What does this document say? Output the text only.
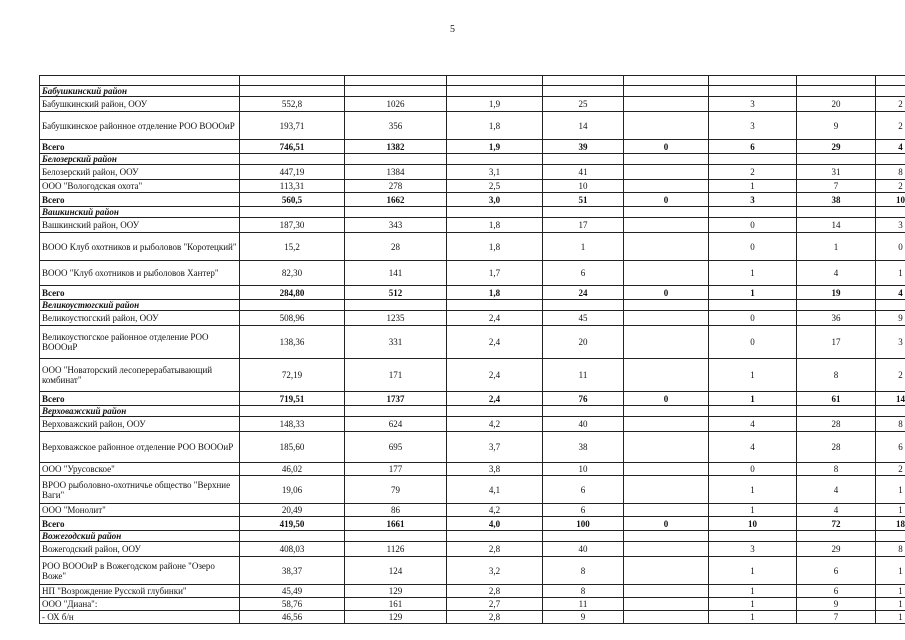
5

Бабушкинский район								
Бабушкинский район, ООУ	552,8	1026	1,9	25		3	20	2
Бабушкинское районное отделение РОО ВОООиР	193,71	356	1,8	14		3	9	2
Всего	746,51	1382	1,9	39	0	6	29	4
Белозерский район								
Белозерский район, ООУ	447,19	1384	3,1	41		2	31	8
ООО "Вологодская охота"	113,31	278	2,5	10		1	7	2
Всего	560,5	1662	3,0	51	0	3	38	10
Вашкинский район								
Вашкинский район, ООУ	187,30	343	1,8	17		0	14	3
ВОOO Клуб охотников и рыболовов "Коротецкий"	15,2	28	1,8	1		0	1	0
ВОOO "Клуб охотников и рыболовов Хантер"	82,30	141	1,7	6		1	4	1
Всего	284,80	512	1,8	24	0	1	19	4
Великоустюгский район								
Великоустюгский район, ООУ	508,96	1235	2,4	45		0	36	9
Великоустюгское районное отделение РОО ВОООиР	138,36	331	2,4	20		0	17	3
ООО "Новаторский лесоперерабатывающий комбинат"	72,19	171	2,4	11		1	8	2
Всего	719,51	1737	2,4	76	0	1	61	14
Верховажский район								
Верховажский район, ООУ	148,33	624	4,2	40		4	28	8
Верховажское районное отделение РОО ВОООиР	185,60	695	3,7	38		4	28	6
ООО "Урусовское"	46,02	177	3,8	10		0	8	2
ВРОО рыболовно-охотничье общество "Верхние Ваги"	19,06	79	4,1	6		1	4	1
ООО "Монолит"	20,49	86	4,2	6		1	4	1
Всего	419,50	1661	4,0	100	0	10	72	18
Вожегодский район								
Вожегодский район, ООУ	408,03	1126	2,8	40		3	29	8
РОО ВОООиР в Вожегодском районе "Озеро Воже"	38,37	124	3,2	8		1	6	1
НП "Возрождение Русской глубинки"	45,49	129	2,8	8		1	6	1
ООО "Диана":	58,76	161	2,7	11		1	9	1
- ОХ б/н	46,56	129	2,8	9		1	7	1
